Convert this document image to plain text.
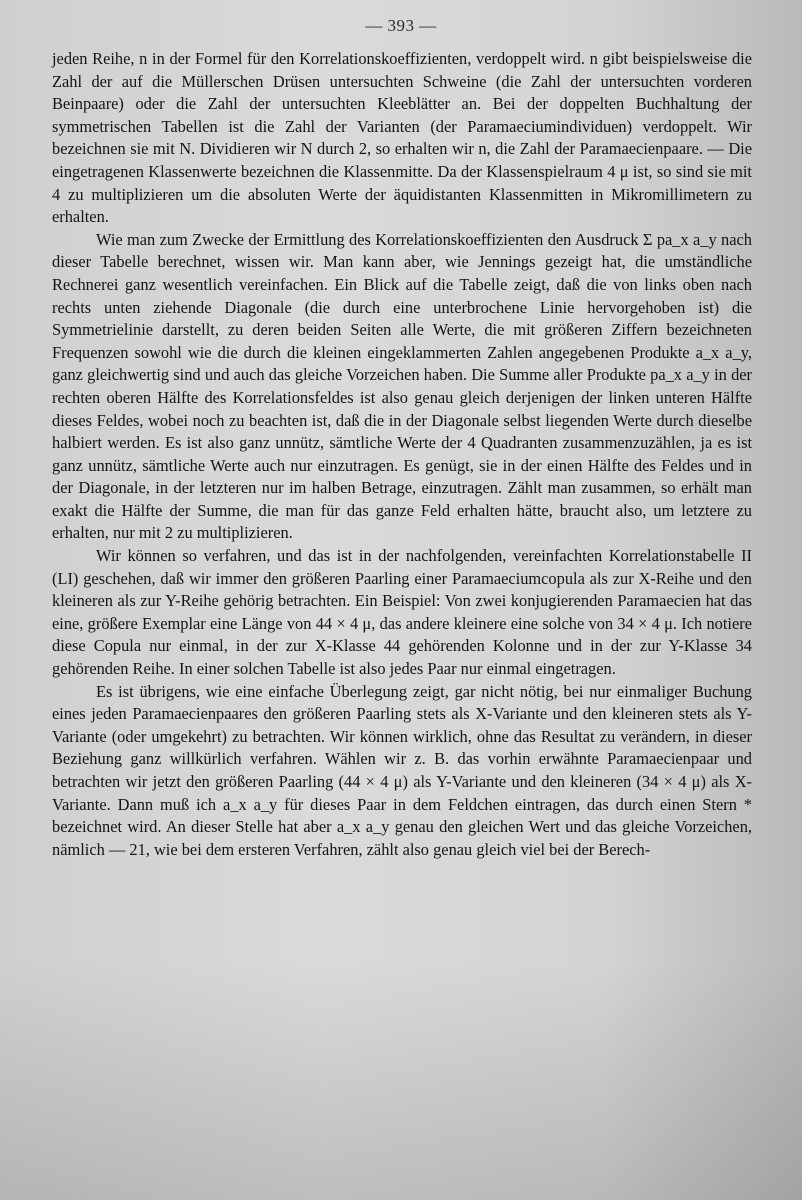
— 393 —

jeden Reihe, n in der Formel für den Korrelationskoeffizienten, verdoppelt wird. n gibt beispielsweise die Zahl der auf die Müllerschen Drüsen untersuchten Schweine (die Zahl der untersuchten vorderen Beinpaare) oder die Zahl der untersuchten Kleeblätter an. Bei der doppelten Buchhaltung der symmetrischen Tabellen ist die Zahl der Varianten (der Paramaeciumindividuen) verdoppelt. Wir bezeichnen sie mit N. Dividieren wir N durch 2, so erhalten wir n, die Zahl der Paramaecienpaare. — Die eingetragenen Klassenwerte bezeichnen die Klassenmitte. Da der Klassenspielraum 4 μ ist, so sind sie mit 4 zu multiplizieren um die absoluten Werte der äquidistanten Klassenmitten in Mikromillimetern zu erhalten.

Wie man zum Zwecke der Ermittlung des Korrelationskoeffizienten den Ausdruck Σ pa_x a_y nach dieser Tabelle berechnet, wissen wir. Man kann aber, wie Jennings gezeigt hat, die umständliche Rechnerei ganz wesentlich vereinfachen. Ein Blick auf die Tabelle zeigt, daß die von links oben nach rechts unten ziehende Diagonale (die durch eine unterbrochene Linie hervorgehoben ist) die Symmetrielinie darstellt, zu deren beiden Seiten alle Werte, die mit größeren Ziffern bezeichneten Frequenzen sowohl wie die durch die kleinen eingeklammerten Zahlen angegebenen Produkte a_x a_y, ganz gleichwertig sind und auch das gleiche Vorzeichen haben. Die Summe aller Produkte pa_x a_y in der rechten oberen Hälfte des Korrelationsfeldes ist also genau gleich derjenigen der linken unteren Hälfte dieses Feldes, wobei noch zu beachten ist, daß die in der Diagonale selbst liegenden Werte durch dieselbe halbiert werden. Es ist also ganz unnütz, sämtliche Werte der 4 Quadranten zusammenzuzählen, ja es ist ganz unnütz, sämtliche Werte auch nur einzutragen. Es genügt, sie in der einen Hälfte des Feldes und in der Diagonale, in der letzteren nur im halben Betrage, einzutragen. Zählt man zusammen, so erhält man exakt die Hälfte der Summe, die man für das ganze Feld erhalten hätte, braucht also, um letztere zu erhalten, nur mit 2 zu multiplizieren.

Wir können so verfahren, und das ist in der nachfolgenden, vereinfachten Korrelationstabelle II (LI) geschehen, daß wir immer den größeren Paarling einer Paramaeciumcopula als zur X-Reihe und den kleineren als zur Y-Reihe gehörig betrachten. Ein Beispiel: Von zwei konjugierenden Paramaecien hat das eine, größere Exemplar eine Länge von 44 × 4 μ, das andere kleinere eine solche von 34 × 4 μ. Ich notiere diese Copula nur einmal, in der zur X-Klasse 44 gehörenden Kolonne und in der zur Y-Klasse 34 gehörenden Reihe. In einer solchen Tabelle ist also jedes Paar nur einmal eingetragen.

Es ist übrigens, wie eine einfache Überlegung zeigt, gar nicht nötig, bei nur einmaliger Buchung eines jeden Paramaecienpaares den größeren Paarling stets als X-Variante und den kleineren stets als Y-Variante (oder umgekehrt) zu betrachten. Wir können wirklich, ohne das Resultat zu verändern, in dieser Beziehung ganz willkürlich verfahren. Wählen wir z. B. das vorhin erwähnte Paramaecienpaar und betrachten wir jetzt den größeren Paarling (44 × 4 μ) als Y-Variante und den kleineren (34 × 4 μ) als X-Variante. Dann muß ich a_x a_y für dieses Paar in dem Feldchen eintragen, das durch einen Stern * bezeichnet wird. An dieser Stelle hat aber a_x a_y genau den gleichen Wert und das gleiche Vorzeichen, nämlich — 21, wie bei dem ersteren Verfahren, zählt also genau gleich viel bei der Berech-
